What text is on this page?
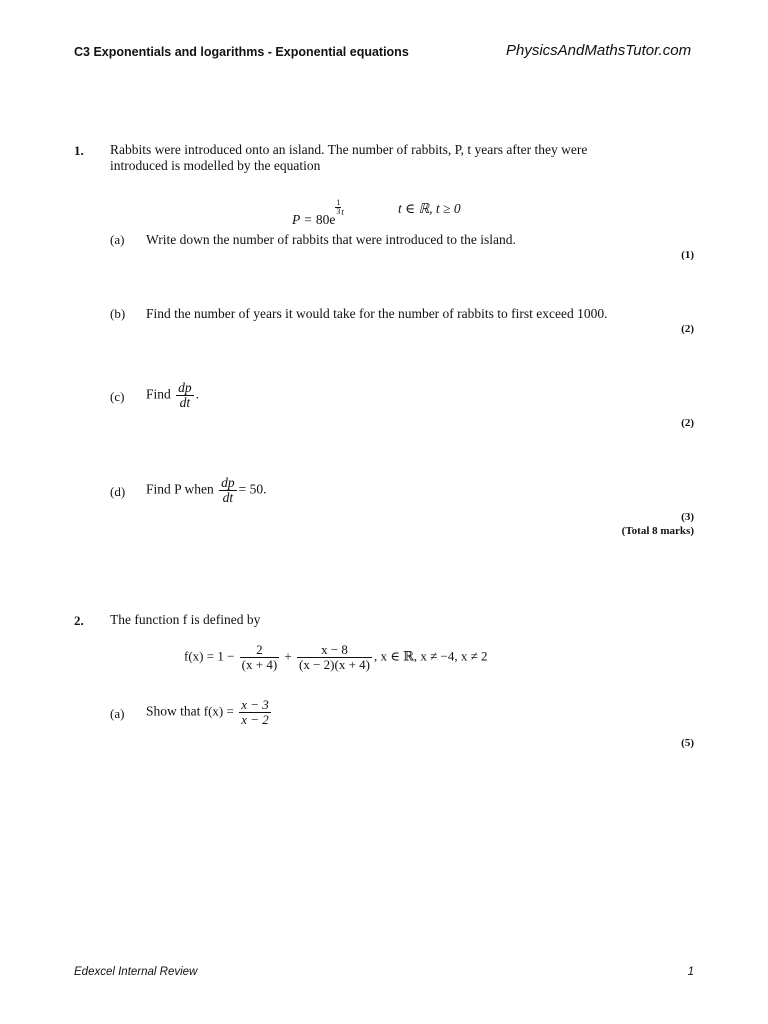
C3 Exponentials and logarithms - Exponential equations	PhysicsAndMathsTutor.com
1. Rabbits were introduced onto an island. The number of rabbits, P, t years after they were
introduced is modelled by the equation
P = 80e
$\frac{1}{3} ^t$	t ∈ ℝ, t ≥ 0
(a) Write down the number of rabbits that were introduced to the island.
(1)
(b) Find the number of years it would take for the number of rabbits to first exceed 1000.
(2)
(c) Find $\frac{dp}{dt}$ .
(2)
(d) Find P when $\frac{dp}{dt} = 50$.
(3)
(Total 8 marks)
2. The function f is defined by
$f(x) = 1 - \frac{2}{(x + 4)} + \frac{x - 8}{(x - 2)(x + 4)}$ , x ∈ ℝ, x ≠ −4, x ≠ 2
(a) Show that $f(x) = \frac{x - 3}{x - 2}$
(5)
Edexcel Internal Review	1
